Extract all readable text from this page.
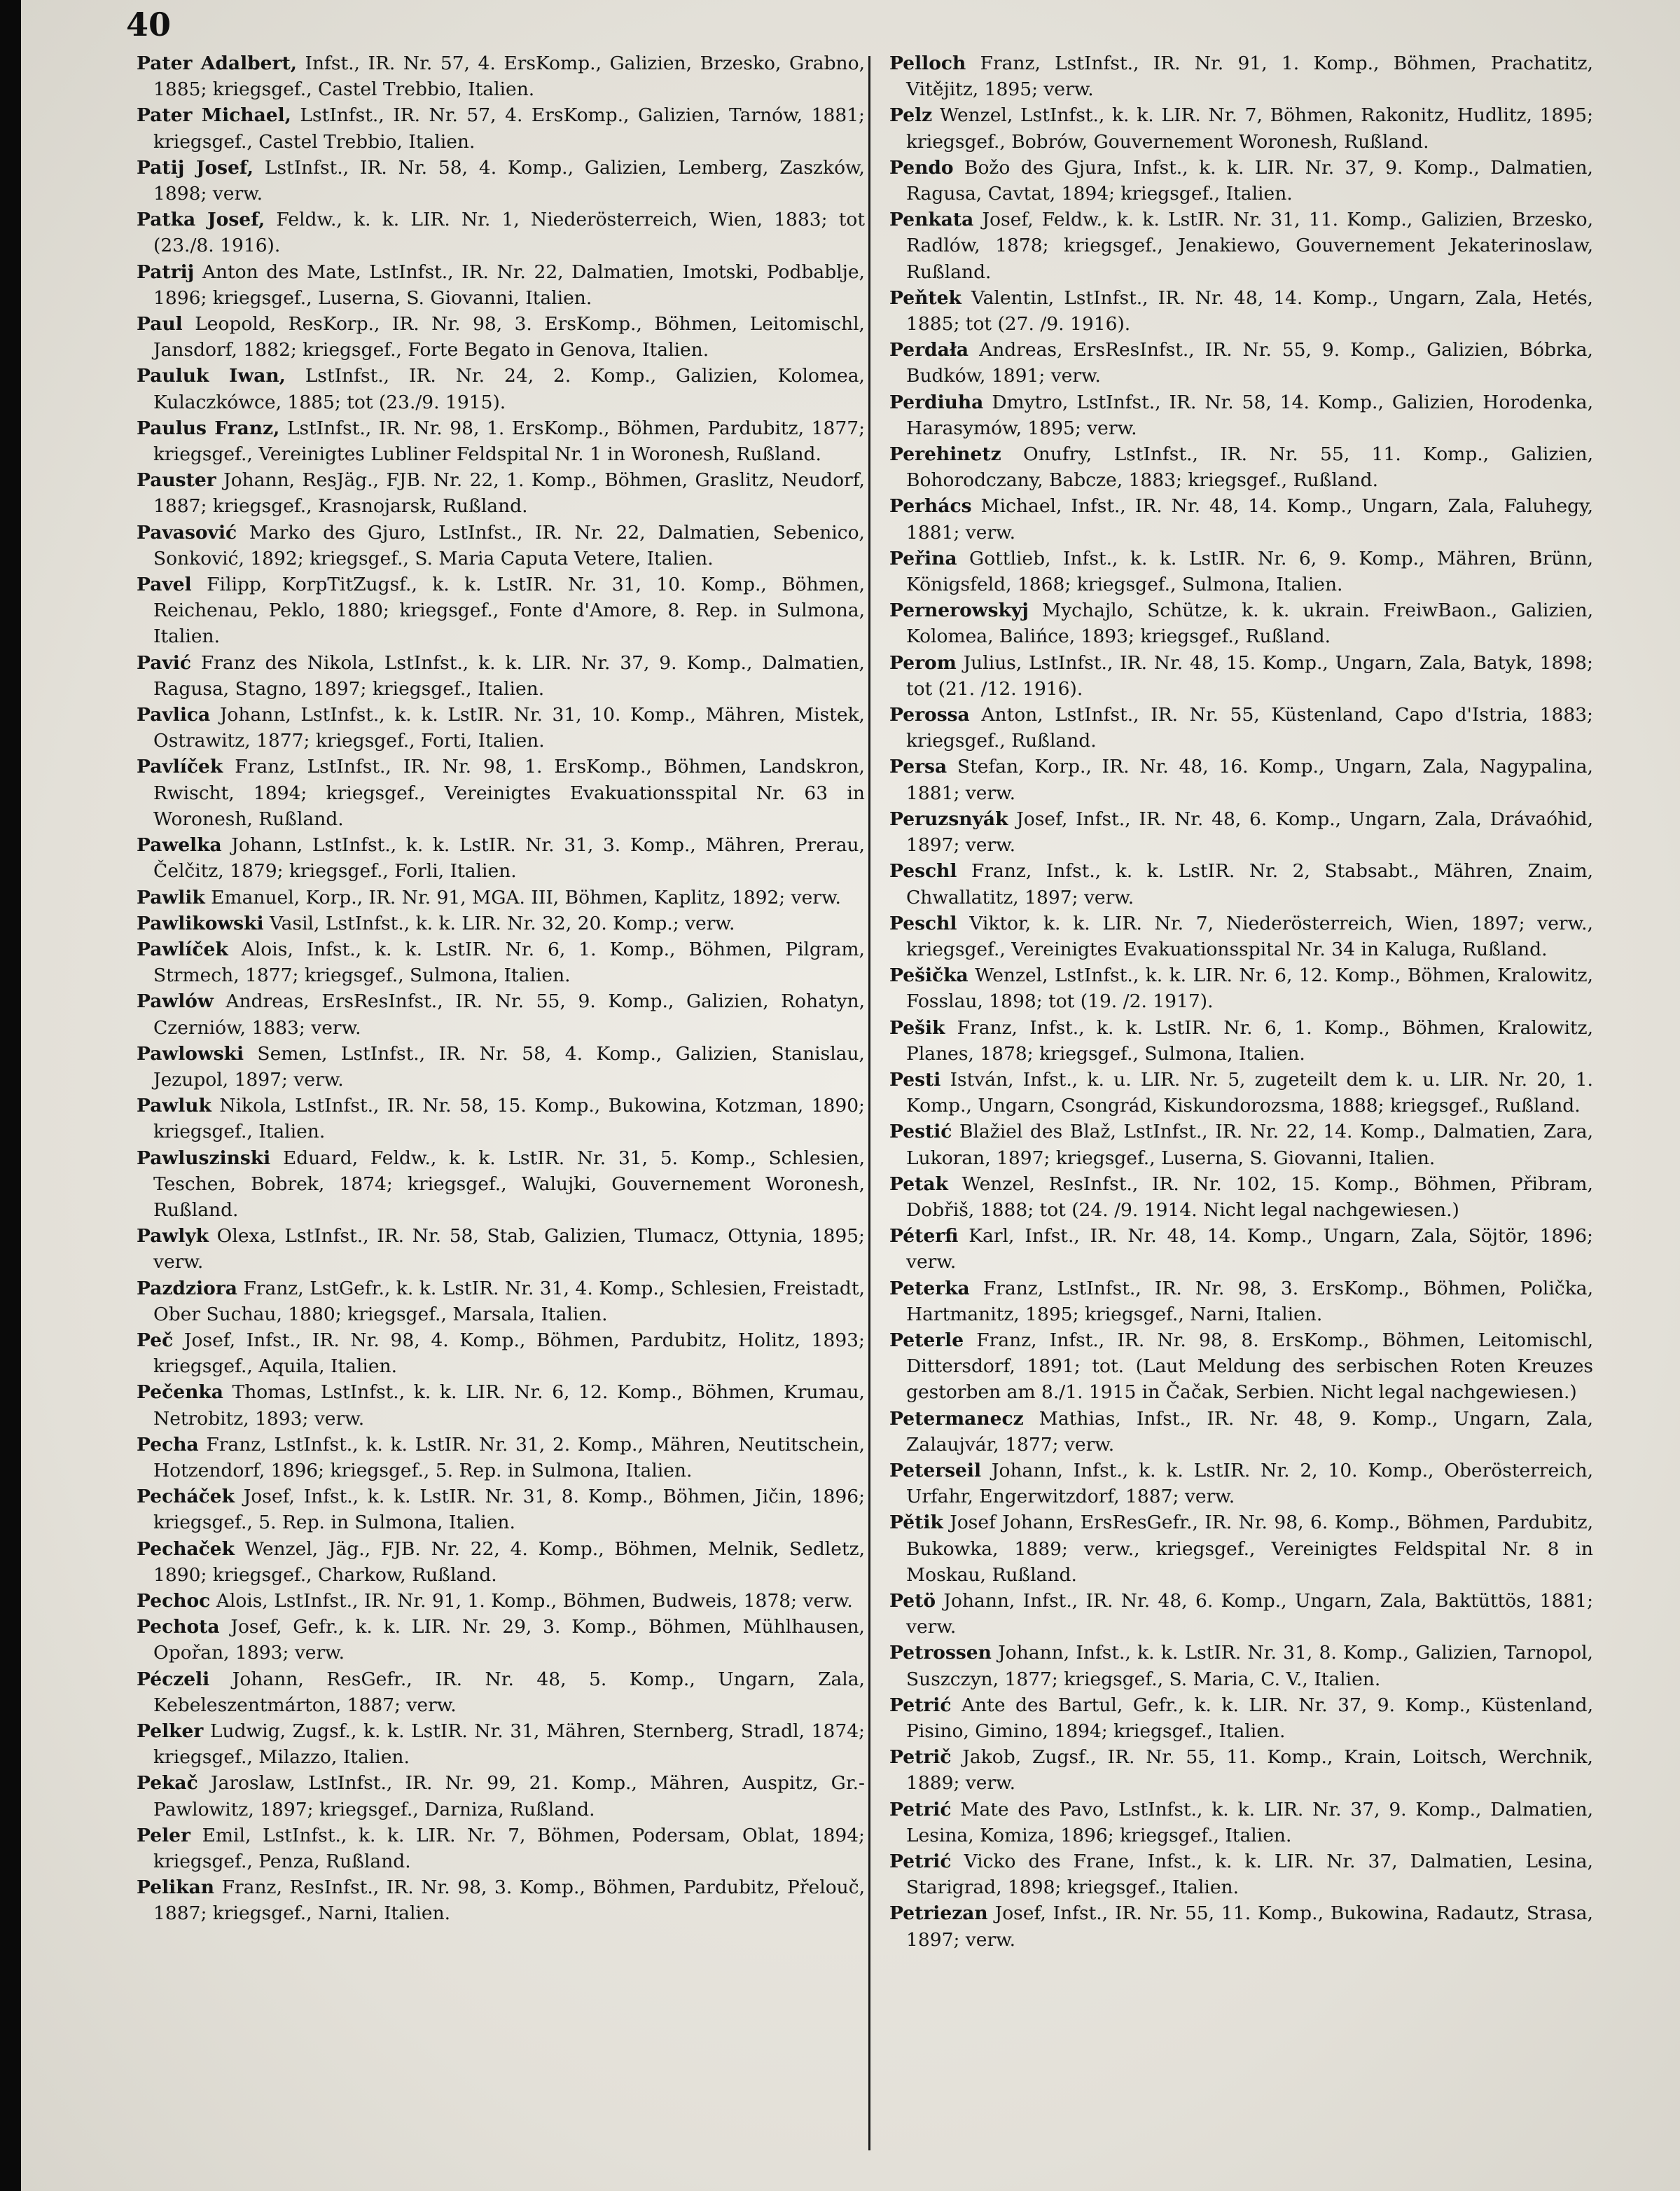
40

Pater Adalbert, Infst., IR. Nr. 57, 4. ErsKomp., Galizien, Brzesko, Grabno, 1885; kriegsgef., Castel Trebbio, Italien.

Pater Michael, LstInfst., IR. Nr. 57, 4. ErsKomp., Galizien, Tarnów, 1881; kriegsgef., Castel Trebbio, Italien.

Patij Josef, LstInfst., IR. Nr. 58, 4. Komp., Galizien, Lemberg, Zaszków, 1898; verw.

Patka Josef, Feldw., k. k. LIR. Nr. 1, Niederösterreich, Wien, 1883; tot (23./8. 1916).

Patrij Anton des Mate, LstInfst., IR. Nr. 22, Dalmatien, Imotski, Podbablje, 1896; kriegsgef., Luserna, S. Giovanni, Italien.

Paul Leopold, ResKorp., IR. Nr. 98, 3. ErsKomp., Böhmen, Leitomischl, Jansdorf, 1882; kriegsgef., Forte Begato in Genova, Italien.

Pauluk Iwan, LstInfst., IR. Nr. 24, 2. Komp., Galizien, Kolomea, Kulaczkówce, 1885; tot (23./9. 1915).

Paulus Franz, LstInfst., IR. Nr. 98, 1. ErsKomp., Böhmen, Pardubitz, 1877; kriegsgef., Vereinigtes Lubliner Feldspital Nr. 1 in Woronesh, Rußland.

Pauster Johann, ResJäg., FJB. Nr. 22, 1. Komp., Böhmen, Graslitz, Neudorf, 1887; kriegsgef., Krasnojarsk, Rußland.

Pavasović Marko des Gjuro, LstInfst., IR. Nr. 22, Dalmatien, Sebenico, Sonković, 1892; kriegsgef., S. Maria Caputa Vetere, Italien.

Pavel Filipp, KorpTitZugsf., k. k. LstIR. Nr. 31, 10. Komp., Böhmen, Reichenau, Peklo, 1880; kriegsgef., Fonte d'Amore, 8. Rep. in Sulmona, Italien.

Pavić Franz des Nikola, LstInfst., k. k. LIR. Nr. 37, 9. Komp., Dalmatien, Ragusa, Stagno, 1897; kriegsgef., Italien.

Pavlica Johann, LstInfst., k. k. LstIR. Nr. 31, 10. Komp., Mähren, Mistek, Ostrawitz, 1877; kriegsgef., Forti, Italien.

Pavlíček Franz, LstInfst., IR. Nr. 98, 1. ErsKomp., Böhmen, Landskron, Rwischt, 1894; kriegsgef., Vereinigtes Evakuationsspital Nr. 63 in Woronesh, Rußland.

Pawelka Johann, LstInfst., k. k. LstIR. Nr. 31, 3. Komp., Mähren, Prerau, Čelčitz, 1879; kriegsgef., Forli, Italien.

Pawlik Emanuel, Korp., IR. Nr. 91, MGA. III, Böhmen, Kaplitz, 1892; verw.

Pawlikowski Vasil, LstInfst., k. k. LIR. Nr. 32, 20. Komp.; verw.

Pawlíček Alois, Infst., k. k. LstIR. Nr. 6, 1. Komp., Böhmen, Pilgram, Strmech, 1877; kriegsgef., Sulmona, Italien.

Pawlów Andreas, ErsResInfst., IR. Nr. 55, 9. Komp., Galizien, Rohatyn, Czerniów, 1883; verw.

Pawlowski Semen, LstInfst., IR. Nr. 58, 4. Komp., Galizien, Stanislau, Jezupol, 1897; verw.

Pawluk Nikola, LstInfst., IR. Nr. 58, 15. Komp., Bukowina, Kotzman, 1890; kriegsgef., Italien.

Pawluszinski Eduard, Feldw., k. k. LstIR. Nr. 31, 5. Komp., Schlesien, Teschen, Bobrek, 1874; kriegsgef., Walujki, Gouvernement Woronesh, Rußland.

Pawlyk Olexa, LstInfst., IR. Nr. 58, Stab, Galizien, Tlumacz, Ottynia, 1895; verw.

Pazdziora Franz, LstGefr., k. k. LstIR. Nr. 31, 4. Komp., Schlesien, Freistadt, Ober Suchau, 1880; kriegsgef., Marsala, Italien.

Peč Josef, Infst., IR. Nr. 98, 4. Komp., Böhmen, Pardubitz, Holitz, 1893; kriegsgef., Aquila, Italien.

Pečenka Thomas, LstInfst., k. k. LIR. Nr. 6, 12. Komp., Böhmen, Krumau, Netrobitz, 1893; verw.

Pecha Franz, LstInfst., k. k. LstIR. Nr. 31, 2. Komp., Mähren, Neutitschein, Hotzendorf, 1896; kriegsgef., 5. Rep. in Sulmona, Italien.

Pecháček Josef, Infst., k. k. LstIR. Nr. 31, 8. Komp., Böhmen, Jičin, 1896; kriegsgef., 5. Rep. in Sulmona, Italien.

Pechaček Wenzel, Jäg., FJB. Nr. 22, 4. Komp., Böhmen, Melnik, Sedletz, 1890; kriegsgef., Charkow, Rußland.

Pechoc Alois, LstInfst., IR. Nr. 91, 1. Komp., Böhmen, Budweis, 1878; verw.

Pechota Josef, Gefr., k. k. LIR. Nr. 29, 3. Komp., Böhmen, Mühlhausen, Opořan, 1893; verw.

Péczeli Johann, ResGefr., IR. Nr. 48, 5. Komp., Ungarn, Zala, Kebeleszentmárton, 1887; verw.

Pelker Ludwig, Zugsf., k. k. LstIR. Nr. 31, Mähren, Sternberg, Stradl, 1874; kriegsgef., Milazzo, Italien.

Pekač Jaroslaw, LstInfst., IR. Nr. 99, 21. Komp., Mähren, Auspitz, Gr.-Pawlowitz, 1897; kriegsgef., Darniza, Rußland.

Peler Emil, LstInfst., k. k. LIR. Nr. 7, Böhmen, Podersam, Oblat, 1894; kriegsgef., Penza, Rußland.

Pelikan Franz, ResInfst., IR. Nr. 98, 3. Komp., Böhmen, Pardubitz, Přelouč, 1887; kriegsgef., Narni, Italien.

Pelloch Franz, LstInfst., IR. Nr. 91, 1. Komp., Böhmen, Prachatitz, Vitějitz, 1895; verw.

Pelz Wenzel, LstInfst., k. k. LIR. Nr. 7, Böhmen, Rakonitz, Hudlitz, 1895; kriegsgef., Bobrów, Gouvernement Woronesh, Rußland.

Pendo Božo des Gjura, Infst., k. k. LIR. Nr. 37, 9. Komp., Dalmatien, Ragusa, Cavtat, 1894; kriegsgef., Italien.

Penkata Josef, Feldw., k. k. LstIR. Nr. 31, 11. Komp., Galizien, Brzesko, Radlów, 1878; kriegsgef., Jenakiewo, Gouvernement Jekaterinoslaw, Rußland.

Peňtek Valentin, LstInfst., IR. Nr. 48, 14. Komp., Ungarn, Zala, Hetés, 1885; tot (27. /9. 1916).

Perdała Andreas, ErsResInfst., IR. Nr. 55, 9. Komp., Galizien, Bóbrka, Budków, 1891; verw.

Perdiuha Dmytro, LstInfst., IR. Nr. 58, 14. Komp., Galizien, Horodenka, Harasymów, 1895; verw.

Perehinetz Onufry, LstInfst., IR. Nr. 55, 11. Komp., Galizien, Bohorodczany, Babcze, 1883; kriegsgef., Rußland.

Perhács Michael, Infst., IR. Nr. 48, 14. Komp., Ungarn, Zala, Faluhegy, 1881; verw.

Peřina Gottlieb, Infst., k. k. LstIR. Nr. 6, 9. Komp., Mähren, Brünn, Königsfeld, 1868; kriegsgef., Sulmona, Italien.

Pernerowskyj Mychajlo, Schütze, k. k. ukrain. FreiwBaon., Galizien, Kolomea, Balińce, 1893; kriegsgef., Rußland.

Perom Julius, LstInfst., IR. Nr. 48, 15. Komp., Ungarn, Zala, Batyk, 1898; tot (21. /12. 1916).

Perossa Anton, LstInfst., IR. Nr. 55, Küstenland, Capo d'Istria, 1883; kriegsgef., Rußland.

Persa Stefan, Korp., IR. Nr. 48, 16. Komp., Ungarn, Zala, Nagypalina, 1881; verw.

Peruzsnyák Josef, Infst., IR. Nr. 48, 6. Komp., Ungarn, Zala, Drávaóhid, 1897; verw.

Peschl Franz, Infst., k. k. LstIR. Nr. 2, Stabsabt., Mähren, Znaim, Chwallatitz, 1897; verw.

Peschl Viktor, k. k. LIR. Nr. 7, Niederösterreich, Wien, 1897; verw., kriegsgef., Vereinigtes Evakuationsspital Nr. 34 in Kaluga, Rußland.

Pešička Wenzel, LstInfst., k. k. LIR. Nr. 6, 12. Komp., Böhmen, Kralowitz, Fosslau, 1898; tot (19. /2. 1917).

Pešik Franz, Infst., k. k. LstIR. Nr. 6, 1. Komp., Böhmen, Kralowitz, Planes, 1878; kriegsgef., Sulmona, Italien.

Pesti István, Infst., k. u. LIR. Nr. 5, zugeteilt dem k. u. LIR. Nr. 20, 1. Komp., Ungarn, Csongrád, Kiskundorozsma, 1888; kriegsgef., Rußland.

Pestić Blažiel des Blaž, LstInfst., IR. Nr. 22, 14. Komp., Dalmatien, Zara, Lukoran, 1897; kriegsgef., Luserna, S. Giovanni, Italien.

Petak Wenzel, ResInfst., IR. Nr. 102, 15. Komp., Böhmen, Přibram, Dobřiš, 1888; tot (24. /9. 1914. Nicht legal nachgewiesen.)

Péterfi Karl, Infst., IR. Nr. 48, 14. Komp., Ungarn, Zala, Söjtör, 1896; verw.

Peterka Franz, LstInfst., IR. Nr. 98, 3. ErsKomp., Böhmen, Polička, Hartmanitz, 1895; kriegsgef., Narni, Italien.

Peterle Franz, Infst., IR. Nr. 98, 8. ErsKomp., Böhmen, Leitomischl, Dittersdorf, 1891; tot. (Laut Meldung des serbischen Roten Kreuzes gestorben am 8./1. 1915 in Čačak, Serbien. Nicht legal nachgewiesen.)

Petermanecz Mathias, Infst., IR. Nr. 48, 9. Komp., Ungarn, Zala, Zalaujvár, 1877; verw.

Peterseil Johann, Infst., k. k. LstIR. Nr. 2, 10. Komp., Oberösterreich, Urfahr, Engerwitzdorf, 1887; verw.

Pětik Josef Johann, ErsResGefr., IR. Nr. 98, 6. Komp., Böhmen, Pardubitz, Bukowka, 1889; verw., kriegsgef., Vereinigtes Feldspital Nr. 8 in Moskau, Rußland.

Petö Johann, Infst., IR. Nr. 48, 6. Komp., Ungarn, Zala, Baktüttös, 1881; verw.

Petrossen Johann, Infst., k. k. LstIR. Nr. 31, 8. Komp., Galizien, Tarnopol, Suszczyn, 1877; kriegsgef., S. Maria, C. V., Italien.

Petrić Ante des Bartul, Gefr., k. k. LIR. Nr. 37, 9. Komp., Küstenland, Pisino, Gimino, 1894; kriegsgef., Italien.

Petrič Jakob, Zugsf., IR. Nr. 55, 11. Komp., Krain, Loitsch, Werchnik, 1889; verw.

Petrić Mate des Pavo, LstInfst., k. k. LIR. Nr. 37, 9. Komp., Dalmatien, Lesina, Komiza, 1896; kriegsgef., Italien.

Petrić Vicko des Frane, Infst., k. k. LIR. Nr. 37, Dalmatien, Lesina, Starigrad, 1898; kriegsgef., Italien.

Petriezan Josef, Infst., IR. Nr. 55, 11. Komp., Bukowina, Radautz, Strasa, 1897; verw.
